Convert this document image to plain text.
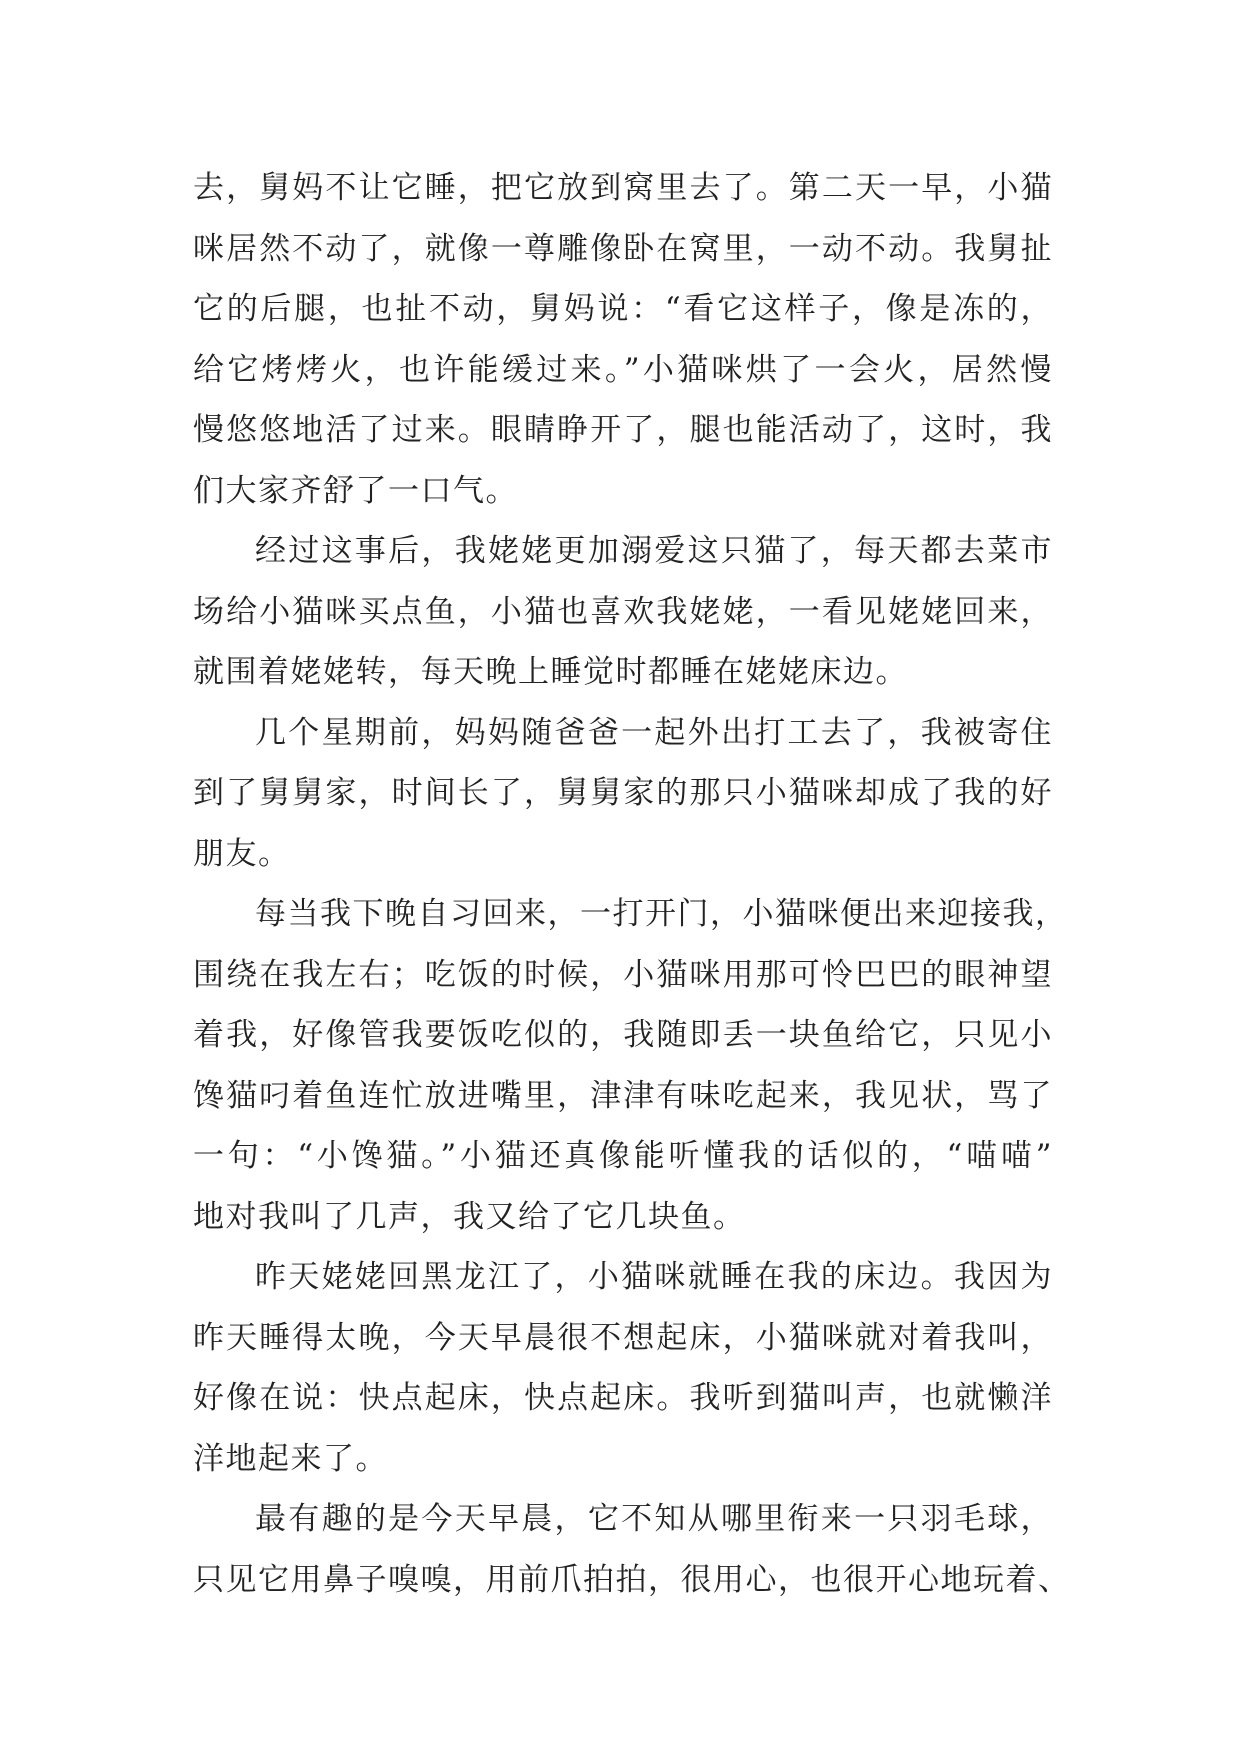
去，舅妈不让它睡，把它放到窝里去了。第二天一早，小猫
咪居然不动了，就像一尊雕像卧在窝里，一动不动。我舅扯
它的后腿，也扯不动，舅妈说：“看它这样子，像是冻的，
给它烤烤火，也许能缓过来。”小猫咪烘了一会火，居然慢
慢悠悠地活了过来。眼睛睁开了，腿也能活动了，这时，我
们大家齐舒了一口气。
经过这事后，我姥姥更加溺爱这只猫了，每天都去菜市
场给小猫咪买点鱼，小猫也喜欢我姥姥，一看见姥姥回来，
就围着姥姥转，每天晚上睡觉时都睡在姥姥床边。
几个星期前，妈妈随爸爸一起外出打工去了，我被寄住
到了舅舅家，时间长了，舅舅家的那只小猫咪却成了我的好
朋友。
每当我下晚自习回来，一打开门，小猫咪便出来迎接我，
围绕在我左右；吃饭的时候，小猫咪用那可怜巴巴的眼神望
着我，好像管我要饭吃似的，我随即丢一块鱼给它，只见小
馋猫叼着鱼连忙放进嘴里，津津有味吃起来，我见状，骂了
一句：“小馋猫。”小猫还真像能听懂我的话似的，“喵喵”
地对我叫了几声，我又给了它几块鱼。
昨天姥姥回黑龙江了，小猫咪就睡在我的床边。我因为
昨天睡得太晚，今天早晨很不想起床，小猫咪就对着我叫，
好像在说：快点起床，快点起床。我听到猫叫声，也就懒洋
洋地起来了。
最有趣的是今天早晨，它不知从哪里衔来一只羽毛球，
只见它用鼻子嗅嗅，用前爪拍拍，很用心，也很开心地玩着、
